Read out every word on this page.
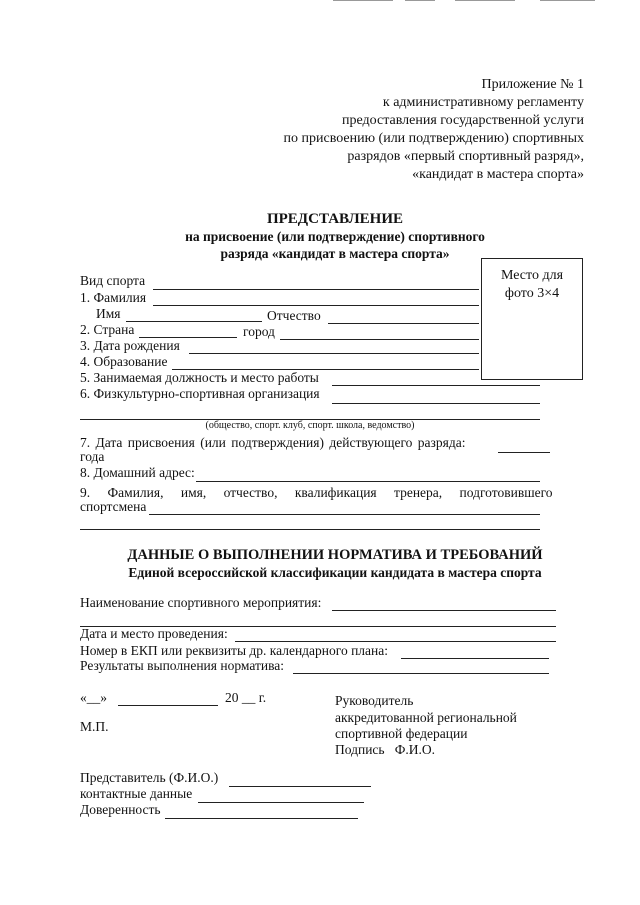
Приложение № 1
к административному регламенту
предоставления государственной услуги
по присвоению (или подтверждению) спортивных
разрядов «первый спортивный разряд»,
«кандидат в мастера спорта»
ПРЕДСТАВЛЕНИЕ
на присвоение (или подтверждение) спортивного
разряда «кандидат в мастера спорта»
Место для
фото 3×4
Вид спорта
1. Фамилия
Имя	Отчество
2. Страна	город
3. Дата рождения
4. Образование
5. Занимаемая должность и место работы
6. Физкультурно-спортивная организация
(общество, спорт. клуб, спорт. школа, ведомство)
7. Дата присвоения (или подтверждения) действующего разряда:
года
8. Домашний адрес:
9. Фамилия, имя, отчество, квалификация тренера, подготовившего
спортсмена
ДАННЫЕ О ВЫПОЛНЕНИИ НОРМАТИВА И ТРЕБОВАНИЙ
Единой всероссийской классификации кандидата в мастера спорта
Наименование спортивного мероприятия:
Дата и место проведения:
Номер в ЕКП или реквизиты др. календарного плана:
Результаты выполнения норматива:
«__»	20 __ г.
М.П.
Руководитель
аккредитованной региональной
спортивной федерации
Подпись   Ф.И.О.
Представитель (Ф.И.О.)
контактные данные
Доверенность
